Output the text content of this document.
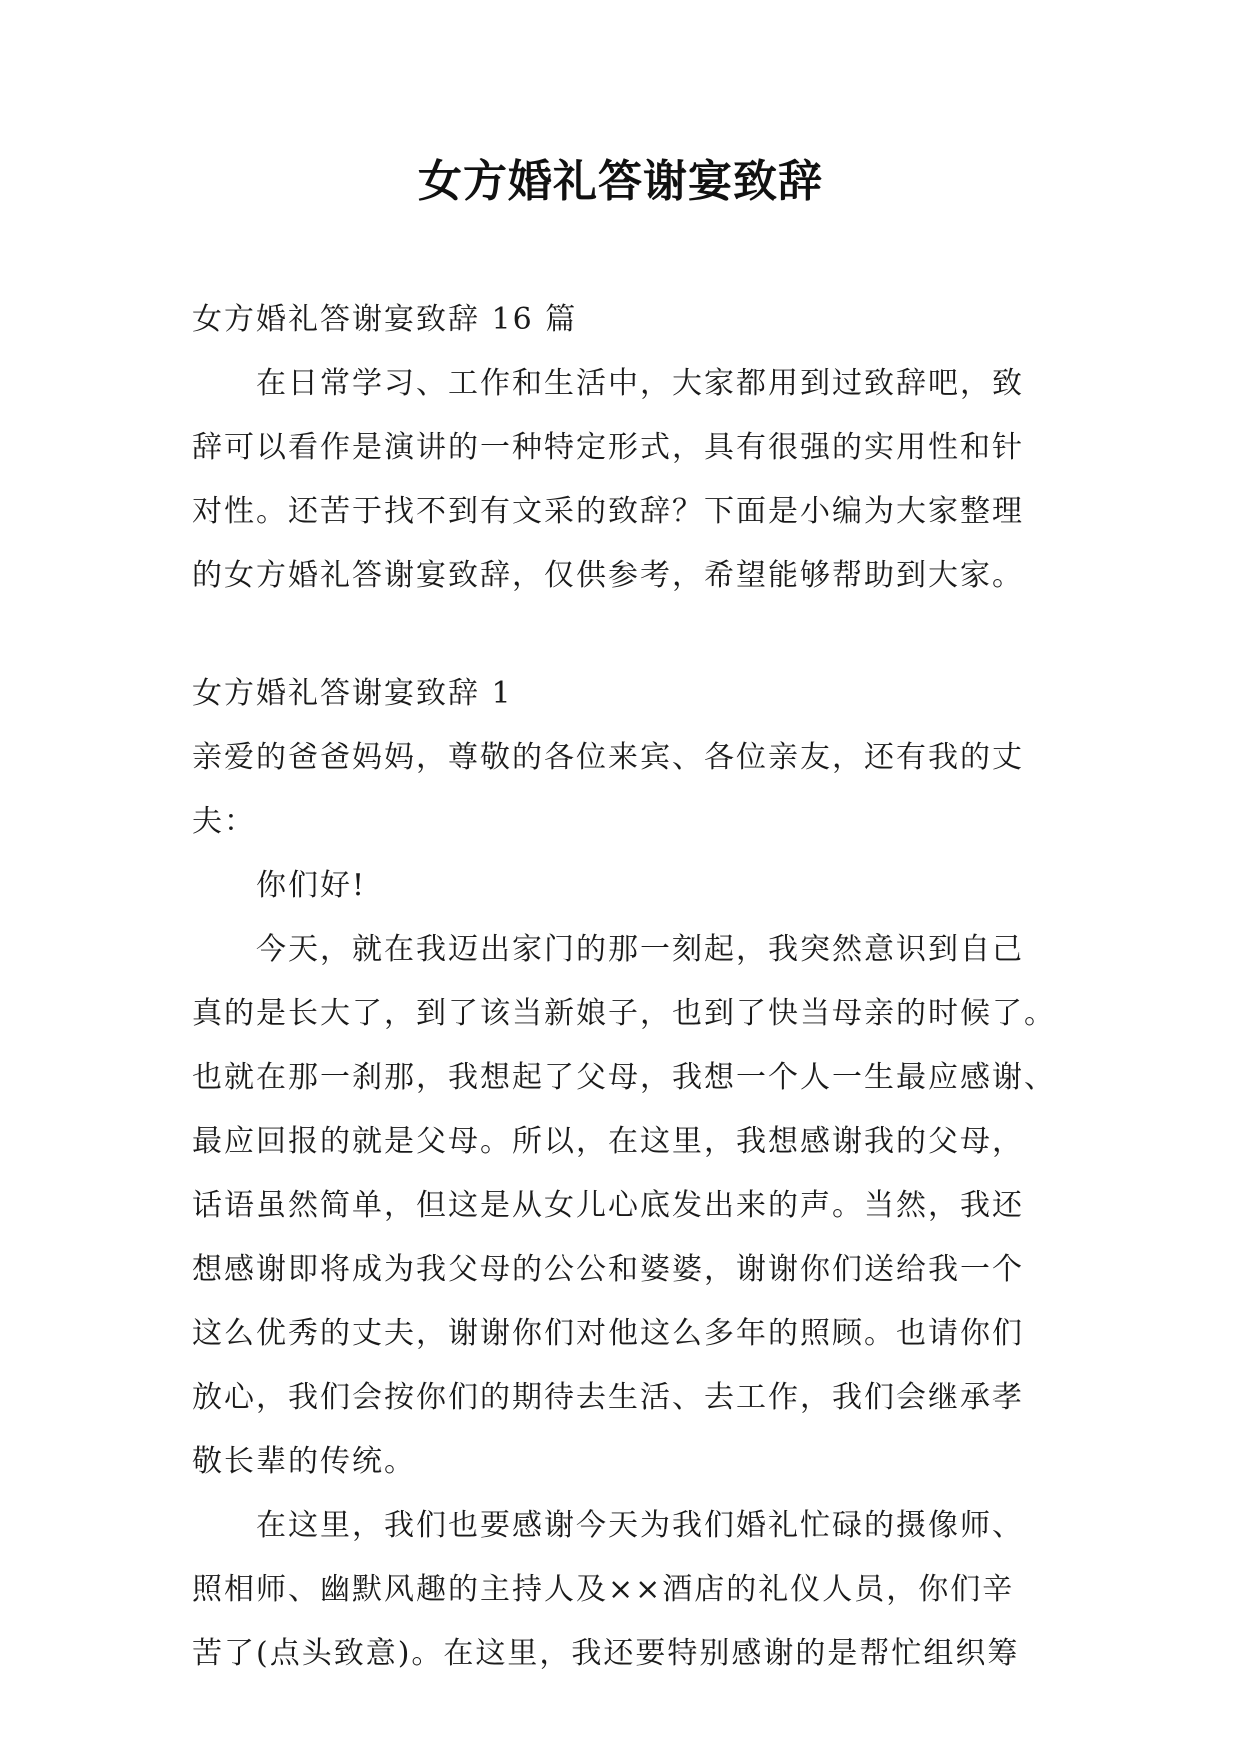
女方婚礼答谢宴致辞
女方婚礼答谢宴致辞 16 篇
在日常学习、工作和生活中，大家都用到过致辞吧，致
辞可以看作是演讲的一种特定形式，具有很强的实用性和针
对性。还苦于找不到有文采的致辞？下面是小编为大家整理
的女方婚礼答谢宴致辞，仅供参考，希望能够帮助到大家。
女方婚礼答谢宴致辞 1
亲爱的爸爸妈妈，尊敬的各位来宾、各位亲友，还有我的丈
夫：
你们好!
今天，就在我迈出家门的那一刻起，我突然意识到自己
真的是长大了，到了该当新娘子，也到了快当母亲的时候了。
也就在那一刹那，我想起了父母，我想一个人一生最应感谢、
最应回报的就是父母。所以，在这里，我想感谢我的父母，
话语虽然简单，但这是从女儿心底发出来的声。当然，我还
想感谢即将成为我父母的公公和婆婆，谢谢你们送给我一个
这么优秀的丈夫，谢谢你们对他这么多年的照顾。也请你们
放心，我们会按你们的期待去生活、去工作，我们会继承孝
敬长辈的传统。
在这里，我们也要感谢今天为我们婚礼忙碌的摄像师、
照相师、幽默风趣的主持人及××酒店的礼仪人员，你们辛
苦了(点头致意)。在这里，我还要特别感谢的是帮忙组织筹
